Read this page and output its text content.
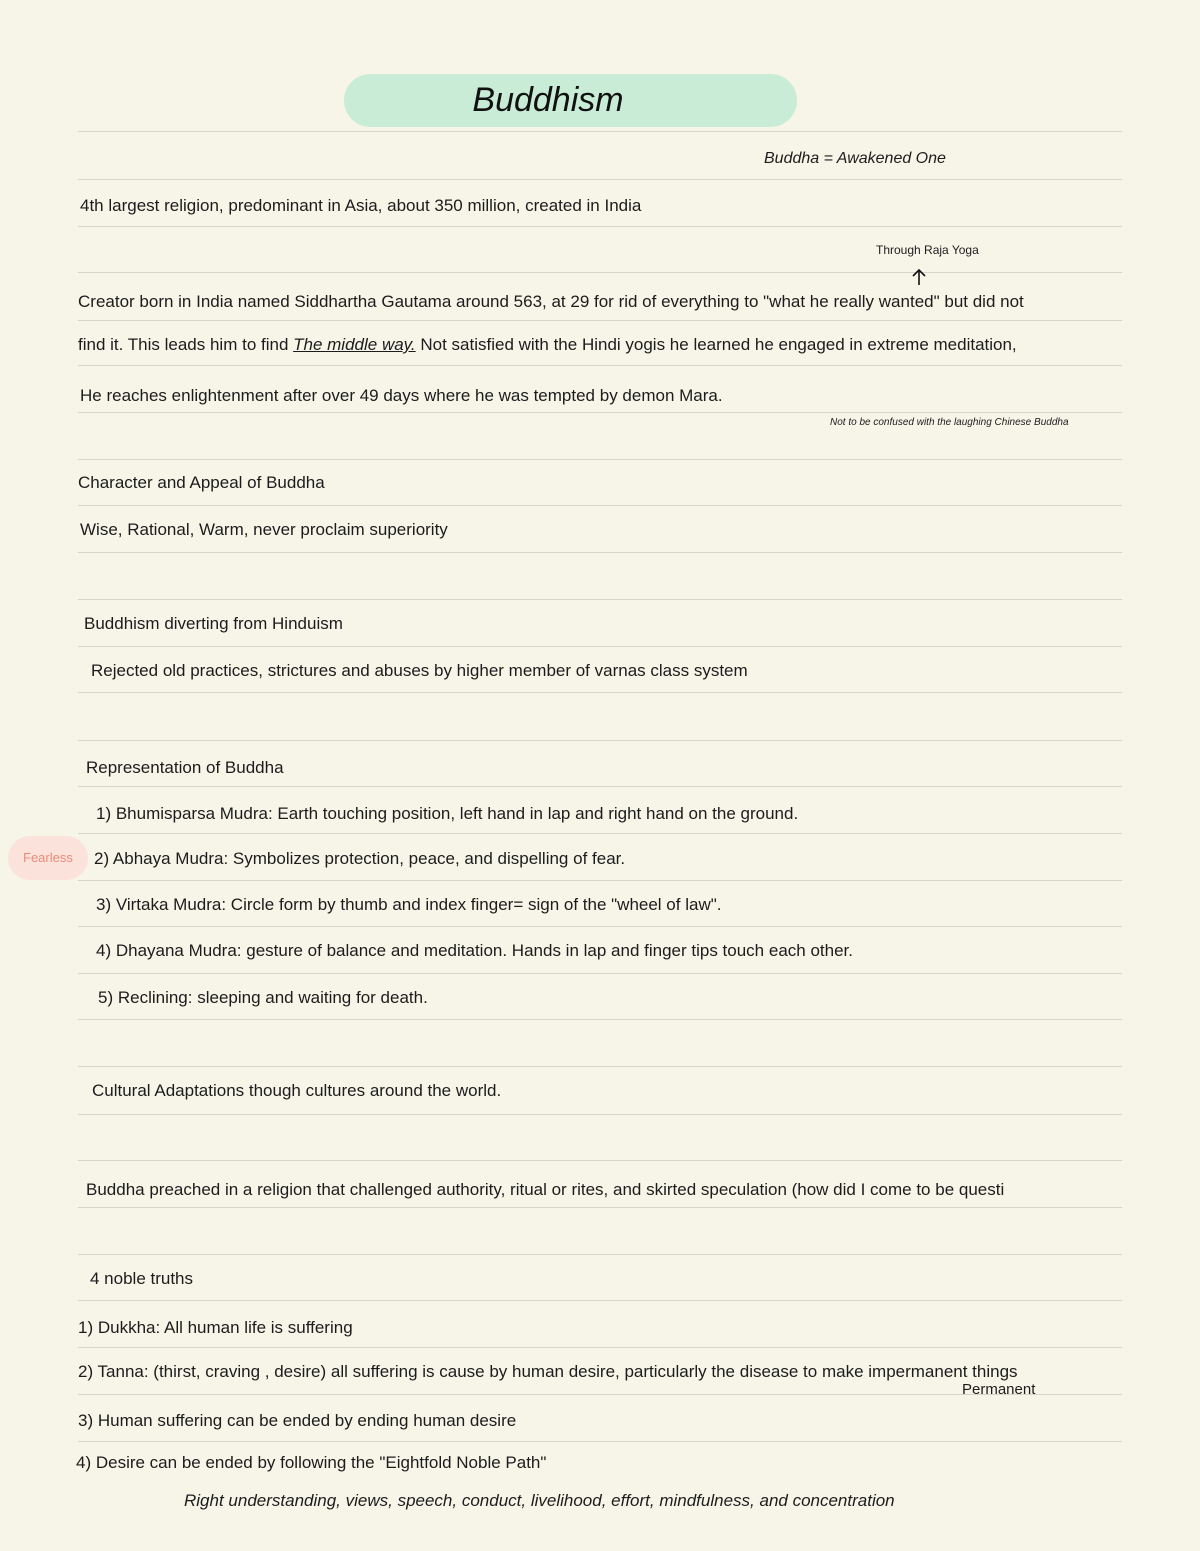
Buddhism
Buddha = Awakened One
4th largest religion, predominant in Asia, about 350 million, created in India
Through Raja Yoga
Creator born in India named Siddhartha Gautama around 563, at 29 for rid of everything to "what he really wanted" but did not
find it. This leads him to find The middle way. Not satisfied with the Hindi yogis he learned he engaged in extreme meditation,
He reaches enlightenment after over 49 days where he was tempted by demon Mara.
Not to be confused with the laughing Chinese Buddha
Character and Appeal of Buddha
Wise, Rational, Warm, never proclaim superiority
Buddhism diverting from Hinduism
Rejected old practices, strictures and abuses by higher member of varnas class system
Representation of Buddha
1) Bhumisparsa Mudra: Earth touching position, left hand in lap and right hand on the ground.
Fearless 2) Abhaya Mudra: Symbolizes protection, peace, and dispelling of fear.
3) Virtaka Mudra: Circle form by thumb and index finger= sign of the "wheel of law".
4) Dhayana Mudra: gesture of balance and meditation. Hands in lap and finger tips touch each other.
5) Reclining: sleeping and waiting for death.
Cultural Adaptations though cultures around the world.
Buddha preached in a religion that challenged authority, ritual or rites, and skirted speculation (how did I come to be questi
4 noble truths
1) Dukkha: All human life is suffering
2) Tanna: (thirst, craving , desire) all suffering is cause by human desire, particularly the disease to make impermanent things
Permanent
3) Human suffering can be ended by ending human desire
4) Desire can be ended by following the "Eightfold Noble Path"
Right understanding, views, speech, conduct, livelihood, effort, mindfulness, and concentration
